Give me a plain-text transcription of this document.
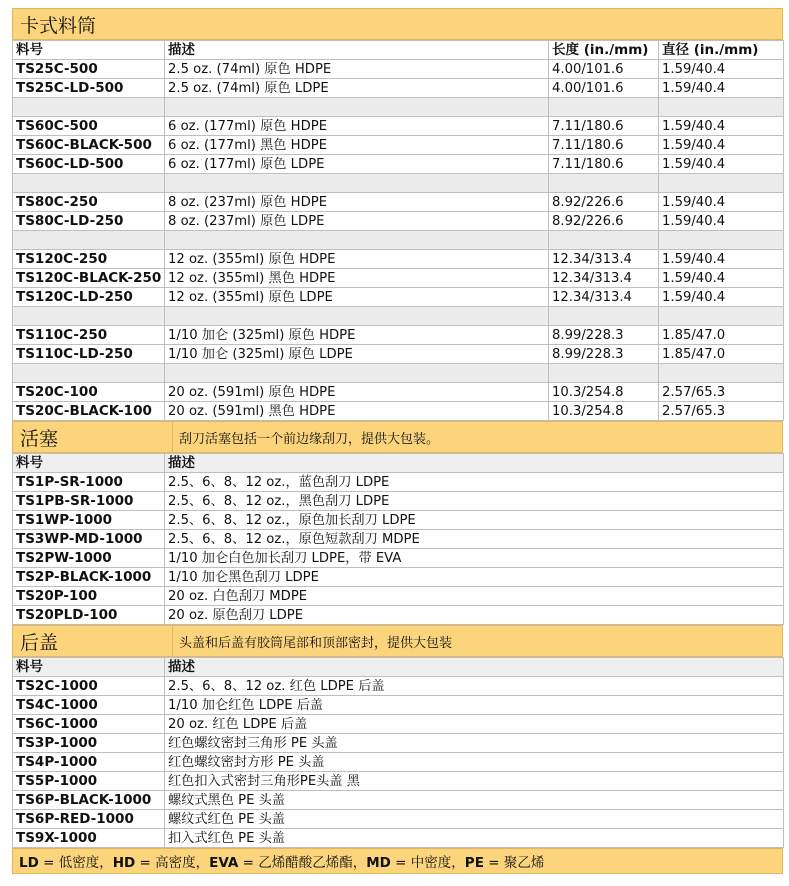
卡式料筒
料号	描述	长度 (in./mm)	直径 (in./mm)
TS25C-500	2.5 oz. (74ml) 原色 HDPE	4.00/101.6	1.59/40.4
TS25C-LD-500	2.5 oz. (74ml) 原色 LDPE	4.00/101.6	1.59/40.4

TS60C-500	6 oz. (177ml) 原色 HDPE	7.11/180.6	1.59/40.4
TS60C-BLACK-500	6 oz. (177ml) 黑色 HDPE	7.11/180.6	1.59/40.4
TS60C-LD-500	6 oz. (177ml) 原色 LDPE	7.11/180.6	1.59/40.4

TS80C-250	8 oz. (237ml) 原色 HDPE	8.92/226.6	1.59/40.4
TS80C-LD-250	8 oz. (237ml) 原色 LDPE	8.92/226.6	1.59/40.4

TS120C-250	12 oz. (355ml) 原色 HDPE	12.34/313.4	1.59/40.4
TS120C-BLACK-250	12 oz. (355ml) 黑色 HDPE	12.34/313.4	1.59/40.4
TS120C-LD-250	12 oz. (355ml) 原色 LDPE	12.34/313.4	1.59/40.4

TS110C-250	1/10 加仑 (325ml) 原色 HDPE	8.99/228.3	1.85/47.0
TS110C-LD-250	1/10 加仑 (325ml) 原色 LDPE	8.99/228.3	1.85/47.0

TS20C-100	20 oz. (591ml) 原色 HDPE	10.3/254.8	2.57/65.3
TS20C-BLACK-100	20 oz. (591ml) 黑色 HDPE	10.3/254.8	2.57/65.3
活塞	刮刀活塞包括一个前边缘刮刀，提供大包装。
料号	描述
TS1P-SR-1000	2.5、6、8、12 oz.，蓝色刮刀 LDPE
TS1PB-SR-1000	2.5、6、8、12 oz.，黑色刮刀 LDPE
TS1WP-1000	2.5、6、8、12 oz.，原色加长刮刀 LDPE
TS3WP-MD-1000	2.5、6、8、12 oz.，原色短款刮刀 MDPE
TS2PW-1000	1/10 加仑白色加长刮刀 LDPE，带 EVA
TS2P-BLACK-1000	1/10 加仑黑色刮刀 LDPE
TS20P-100	20 oz. 白色刮刀 MDPE
TS20PLD-100	20 oz. 原色刮刀 LDPE
后盖	头盖和后盖有胶筒尾部和顶部密封，提供大包装
料号	描述
TS2C-1000	2.5、6、8、12 oz. 红色 LDPE 后盖
TS4C-1000	1/10 加仑红色 LDPE 后盖
TS6C-1000	20 oz. 红色 LDPE 后盖
TS3P-1000	红色螺纹密封三角形 PE 头盖
TS4P-1000	红色螺纹密封方形 PE 头盖
TS5P-1000	红色扣入式密封三角形PE头盖 黑
TS6P-BLACK-1000	螺纹式黑色 PE 头盖
TS6P-RED-1000	螺纹式红色 PE 头盖
TS9X-1000	扣入式红色 PE 头盖
LD = 低密度，HD = 高密度，EVA = 乙烯醋酸乙烯酯，MD = 中密度，PE = 聚乙烯
